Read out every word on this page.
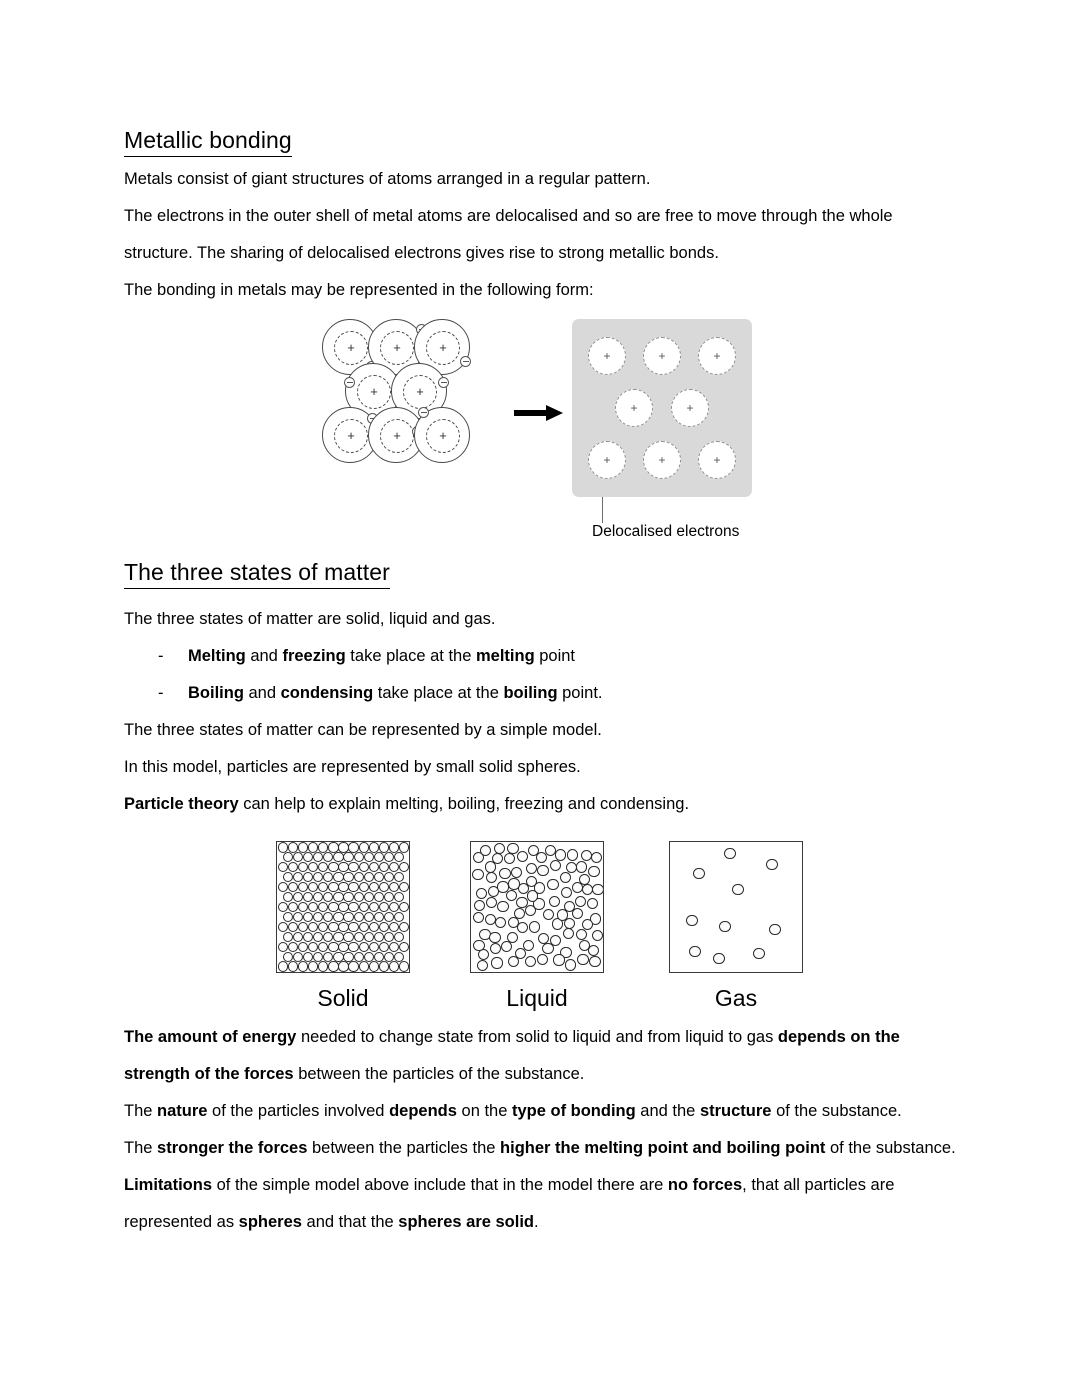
Metallic bonding

Metals consist of giant structures of atoms arranged in a regular pattern.

The electrons in the outer shell of metal atoms are delocalised and so are free to move through the whole structure. The sharing of delocalised electrons gives rise to strong metallic bonds.

The bonding in metals may be represented in the following form:

+	+	+
+	+
+	+	+
+	+	+
+	+
+	+	+
Delocalised electrons
The three states of matter

The three states of matter are solid, liquid and gas.

-	Melting and freezing take place at the melting point
-	Boiling and condensing take place at the boiling point.

The three states of matter can be represented by a simple model.

In this model, particles are represented by small solid spheres.

Particle theory can help to explain melting, boiling, freezing and condensing.

Solid	Liquid	Gas

The amount of energy needed to change state from solid to liquid and from liquid to gas depends on the strength of the forces between the particles of the substance.

The nature of the particles involved depends on the type of bonding and the structure of the substance.

The stronger the forces between the particles the higher the melting point and boiling point of the substance.

Limitations of the simple model above include that in the model there are no forces, that all particles are represented as spheres and that the spheres are solid.
